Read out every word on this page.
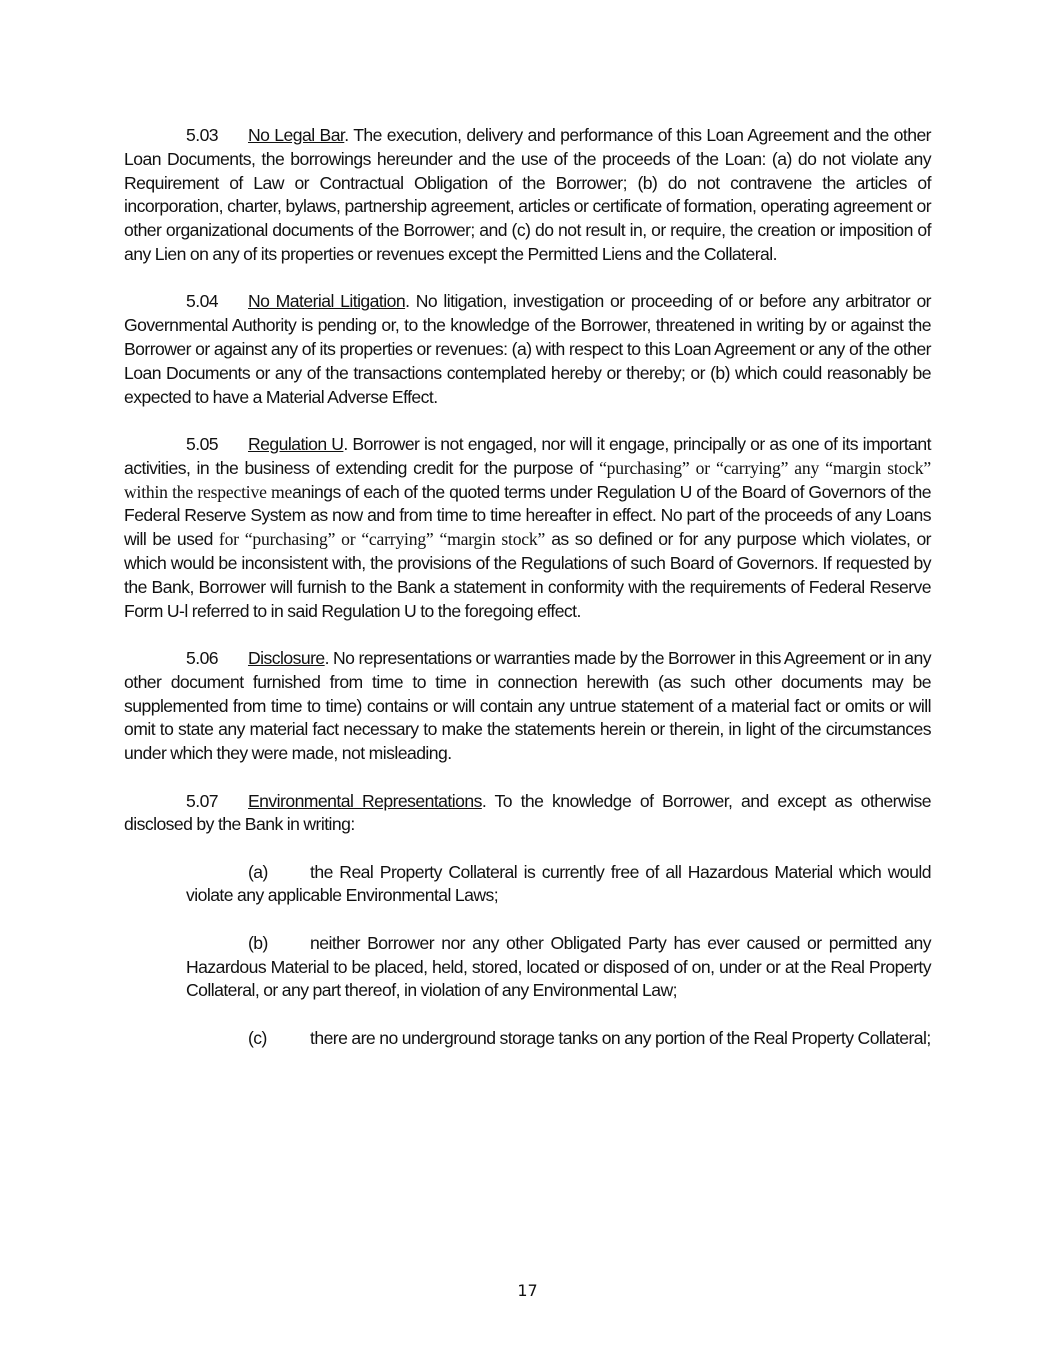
5.03 No Legal Bar. The execution, delivery and performance of this Loan Agreement and the other Loan Documents, the borrowings hereunder and the use of the proceeds of the Loan: (a) do not violate any Requirement of Law or Contractual Obligation of the Borrower; (b) do not contravene the articles of incorporation, charter, bylaws, partnership agreement, articles or certificate of formation, operating agreement or other organizational documents of the Borrower; and (c) do not result in, or require, the creation or imposition of any Lien on any of its properties or revenues except the Permitted Liens and the Collateral.

5.04 No Material Litigation. No litigation, investigation or proceeding of or before any arbitrator or Governmental Authority is pending or, to the knowledge of the Borrower, threatened in writing by or against the Borrower or against any of its properties or revenues: (a) with respect to this Loan Agreement or any of the other Loan Documents or any of the transactions contemplated hereby or thereby; or (b) which could reasonably be expected to have a Material Adverse Effect.

5.05 Regulation U. Borrower is not engaged, nor will it engage, principally or as one of its important activities, in the business of extending credit for the purpose of “purchasing” or “carrying” any “margin stock” within the respective meanings of each of the quoted terms under Regulation U of the Board of Governors of the Federal Reserve System as now and from time to time hereafter in effect. No part of the proceeds of any Loans will be used for “purchasing” or “carrying” “margin stock” as so defined or for any purpose which violates, or which would be inconsistent with, the provisions of the Regulations of such Board of Governors. If requested by the Bank, Borrower will furnish to the Bank a statement in conformity with the requirements of Federal Reserve Form U-l referred to in said Regulation U to the foregoing effect.

5.06 Disclosure. No representations or warranties made by the Borrower in this Agreement or in any other document furnished from time to time in connection herewith (as such other documents may be supplemented from time to time) contains or will contain any untrue statement of a material fact or omits or will omit to state any material fact necessary to make the statements herein or therein, in light of the circumstances under which they were made, not misleading.

5.07 Environmental Representations. To the knowledge of Borrower, and except as otherwise disclosed by the Bank in writing:

(a) the Real Property Collateral is currently free of all Hazardous Material which would violate any applicable Environmental Laws;

(b) neither Borrower nor any other Obligated Party has ever caused or permitted any Hazardous Material to be placed, held, stored, located or disposed of on, under or at the Real Property Collateral, or any part thereof, in violation of any Environmental Law;

(c) there are no underground storage tanks on any portion of the Real Property Collateral;

17
